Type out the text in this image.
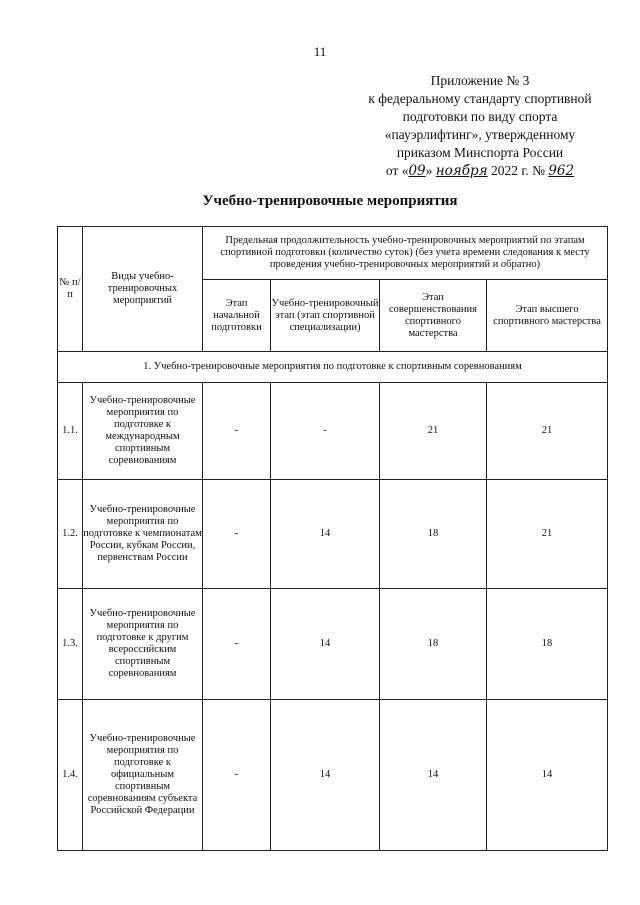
11
Приложение № 3
к федеральному стандарту спортивной
подготовки по виду спорта
«пауэрлифтинг», утвержденному
приказом Минспорта России
от «09» ноября 2022 г. № 962
Учебно-тренировочные мероприятия
№ п/п	Виды учебно-тренировочных мероприятий	Предельная продолжительность учебно-тренировочных мероприятий по этапам спортивной подготовки (количество суток) (без учета времени следования к месту проведения учебно-тренировочных мероприятий и обратно)			
		Этап начальной подготовки	Учебно-тренировочный этап (этап спортивной специализации)	Этап совершенствования спортивного мастерства	Этап высшего спортивного мастерства
1. Учебно-тренировочные мероприятия по подготовке к спортивным соревнованиям					
1.1.	Учебно-тренировочные мероприятия по подготовке к международным спортивным соревнованиям	-	-	21	21
1.2.	Учебно-тренировочные мероприятия по подготовке к чемпионатам России, кубкам России, первенствам России	-	14	18	21
1.3.	Учебно-тренировочные мероприятия по подготовке к другим всероссийским спортивным соревнованиям	-	14	18	18
1.4.	Учебно-тренировочные мероприятия по подготовке к официальным спортивным соревнованиям субъекта Российской Федерации	-	14	14	14
